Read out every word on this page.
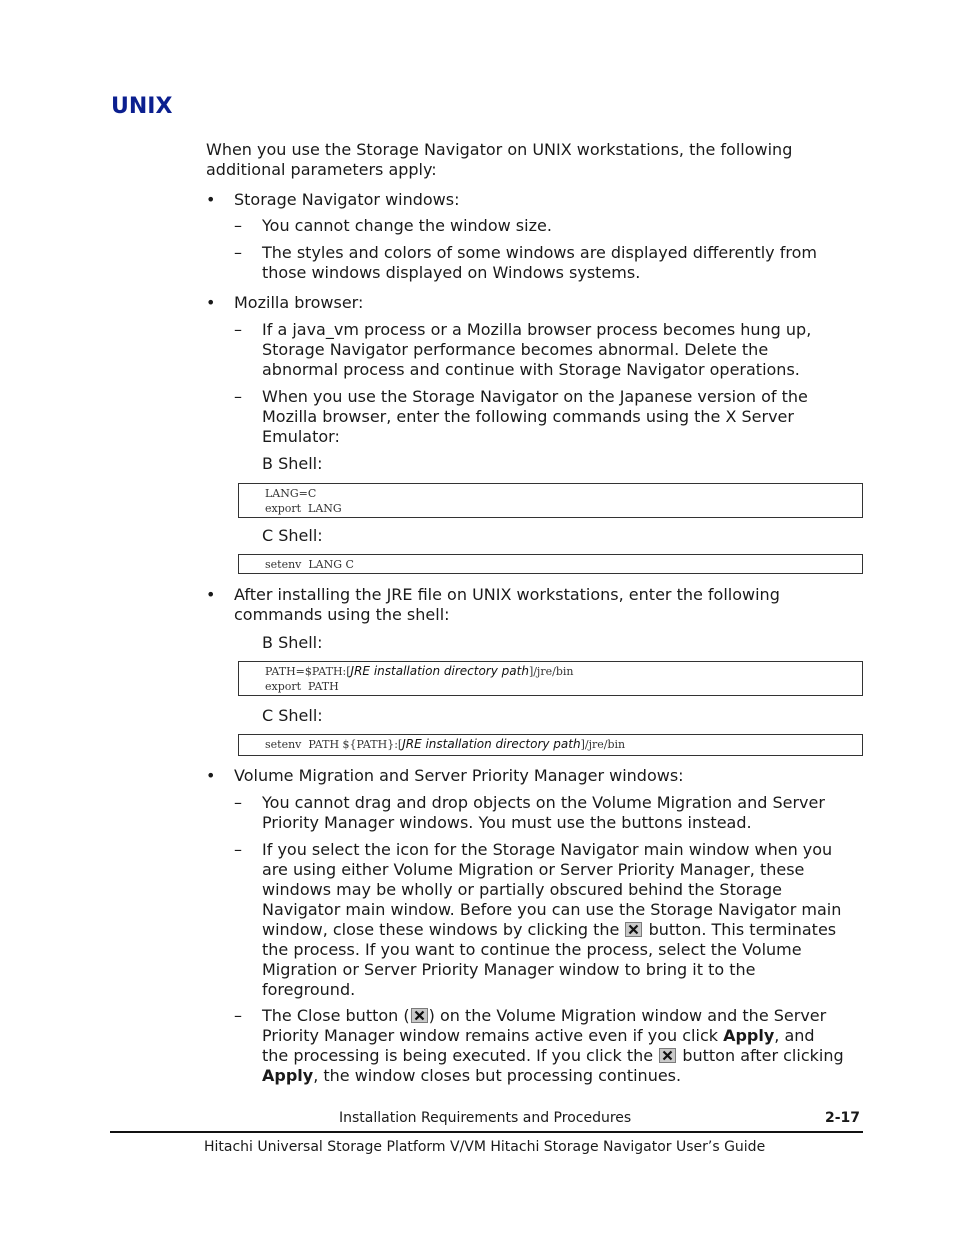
UNIX

When you use the Storage Navigator on UNIX workstations, the following

additional parameters apply:

•	Storage Navigator windows:
–	You cannot change the window size.
–	The styles and colors of some windows are displayed differently from
those windows displayed on Windows systems.
•	Mozilla browser:
–	If a java_vm process or a Mozilla browser process becomes hung up,
Storage Navigator performance becomes abnormal. Delete the
abnormal process and continue with Storage Navigator operations.
–	When you use the Storage Navigator on the Japanese version of the
Mozilla browser, enter the following commands using the X Server
Emulator:
B Shell:
LANG=C
export  LANG
C Shell:
setenv  LANG C
•	After installing the JRE file on UNIX workstations, enter the following
commands using the shell:
B Shell:
PATH=$PATH:[JRE installation directory path]/jre/bin
export  PATH
C Shell:
setenv  PATH ${PATH}:[JRE installation directory path]/jre/bin
•	Volume Migration and Server Priority Manager windows:
–	You cannot drag and drop objects on the Volume Migration and Server
Priority Manager windows. You must use the buttons instead.
–	If you select the icon for the Storage Navigator main window when you
are using either Volume Migration or Server Priority Manager, these
windows may be wholly or partially obscured behind the Storage
Navigator main window. Before you can use the Storage Navigator main
window, close these windows by clicking the button. This terminates
the process. If you want to continue the process, select the Volume
Migration or Server Priority Manager window to bring it to the
foreground.
–	The Close button ( ) on the Volume Migration window and the Server
Priority Manager window remains active even if you click Apply, and
the processing is being executed. If you click the button after clicking
Apply, the window closes but processing continues.
Installation Requirements and Procedures	2-17
Hitachi Universal Storage Platform V/VM Hitachi Storage Navigator User’s Guide
